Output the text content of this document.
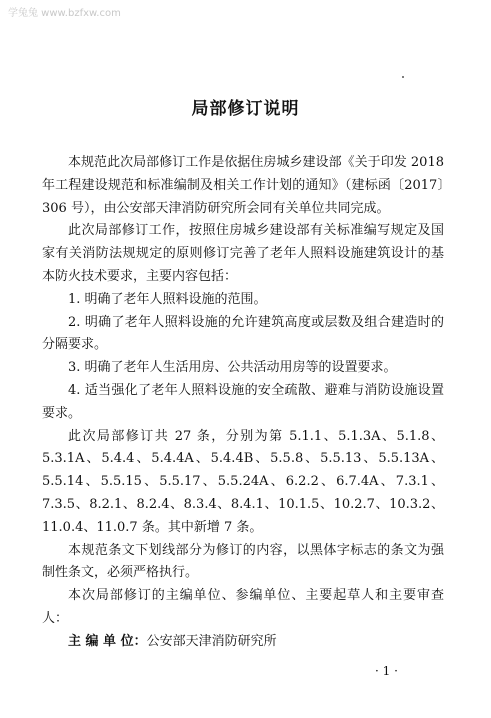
学兔兔 www.bzfxw.com
局部修订说明

本规范此次局部修订工作是依据住房城乡建设部《关于印发 2018 年工程建设规范和标准编制及相关工作计划的通知》（建标函〔2017〕306 号），由公安部天津消防研究所会同有关单位共同完成。

此次局部修订工作，按照住房城乡建设部有关标准编写规定及国家有关消防法规规定的原则修订完善了老年人照料设施建筑设计的基本防火技术要求，主要内容包括：

1. 明确了老年人照料设施的范围。

2. 明确了老年人照料设施的允许建筑高度或层数及组合建造时的分隔要求。

3. 明确了老年人生活用房、公共活动用房等的设置要求。

4. 适当强化了老年人照料设施的安全疏散、避难与消防设施设置要求。

此次局部修订共 27 条，分别为第 5.1.1、5.1.3A、5.1.8、5.3.1A、5.4.4、5.4.4A、5.4.4B、5.5.8、5.5.13、5.5.13A、5.5.14、5.5.15、5.5.17、5.5.24A、6.2.2、6.7.4A、7.3.1、7.3.5、8.2.1、8.2.4、8.3.4、8.4.1、10.1.5、10.2.7、10.3.2、11.0.4、11.0.7 条。其中新增 7 条。

本规范条文下划线部分为修订的内容，以黑体字标志的条文为强制性条文，必须严格执行。

本次局部修订的主编单位、参编单位、主要起草人和主要审查人：

主 编 单 位：公安部天津消防研究所

· 1 ·
